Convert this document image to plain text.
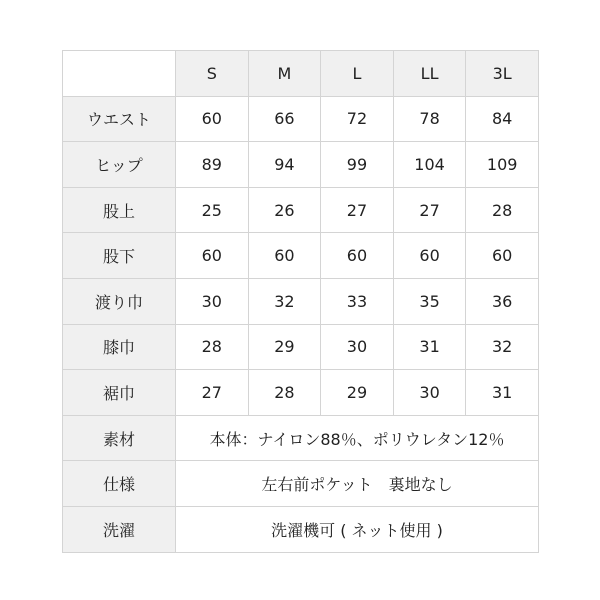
	S	M	L	LL	3L
ウエスト	60	66	72	78	84
ヒップ	89	94	99	104	109
股上	25	26	27	27	28
股下	60	60	60	60	60
渡り巾	30	32	33	35	36
膝巾	28	29	30	31	32
裾巾	27	28	29	30	31
素材	本体：ナイロン88％、ポリウレタン12％				
仕様	左右前ポケット　裏地なし				
洗濯	洗濯機可 ( ネット使用 )				
